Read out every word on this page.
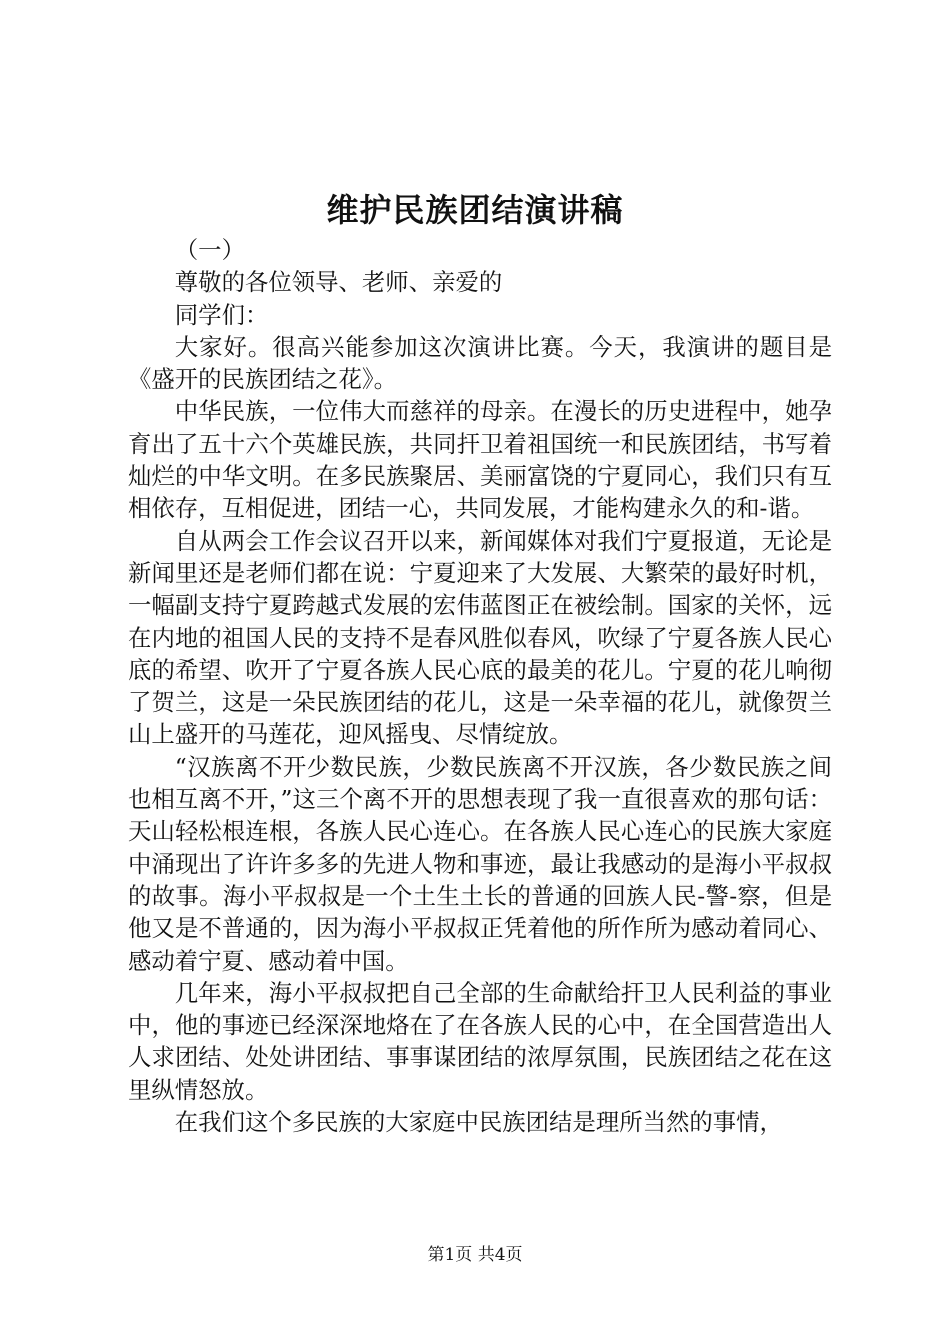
维护民族团结演讲稿

（一）

尊敬的各位领导、老师、亲爱的

同学们：

大家好。很高兴能参加这次演讲比赛。今天，我演讲的题目是《盛开的民族团结之花》。

中华民族，一位伟大而慈祥的母亲。在漫长的历史进程中，她孕育出了五十六个英雄民族，共同扞卫着祖国统一和民族团结，书写着灿烂的中华文明。在多民族聚居、美丽富饶的宁夏同心，我们只有互相依存，互相促进，团结一心，共同发展，才能构建永久的和-谐。

自从两会工作会议召开以来，新闻媒体对我们宁夏报道，无论是新闻里还是老师们都在说：宁夏迎来了大发展、大繁荣的最好时机，一幅副支持宁夏跨越式发展的宏伟蓝图正在被绘制。国家的关怀，远在内地的祖国人民的支持不是春风胜似春风，吹绿了宁夏各族人民心底的希望、吹开了宁夏各族人民心底的最美的花儿。宁夏的花儿响彻了贺兰，这是一朵民族团结的花儿，这是一朵幸福的花儿，就像贺兰山上盛开的马莲花，迎风摇曳、尽情绽放。

“汉族离不开少数民族，少数民族离不开汉族，各少数民族之间也相互离不开，”这三个离不开的思想表现了我一直很喜欢的那句话：天山轻松根连根，各族人民心连心。在各族人民心连心的民族大家庭中涌现出了许许多多的先进人物和事迹，最让我感动的是海小平叔叔的故事。海小平叔叔是一个土生土长的普通的回族人民-警-察，但是他又是不普通的，因为海小平叔叔正凭着他的所作所为感动着同心、感动着宁夏、感动着中国。

几年来，海小平叔叔把自己全部的生命献给扞卫人民利益的事业中，他的事迹已经深深地烙在了在各族人民的心中，在全国营造出人人求团结、处处讲团结、事事谋团结的浓厚氛围，民族团结之花在这里纵情怒放。

在我们这个多民族的大家庭中民族团结是理所当然的事情，

第1页 共4页
